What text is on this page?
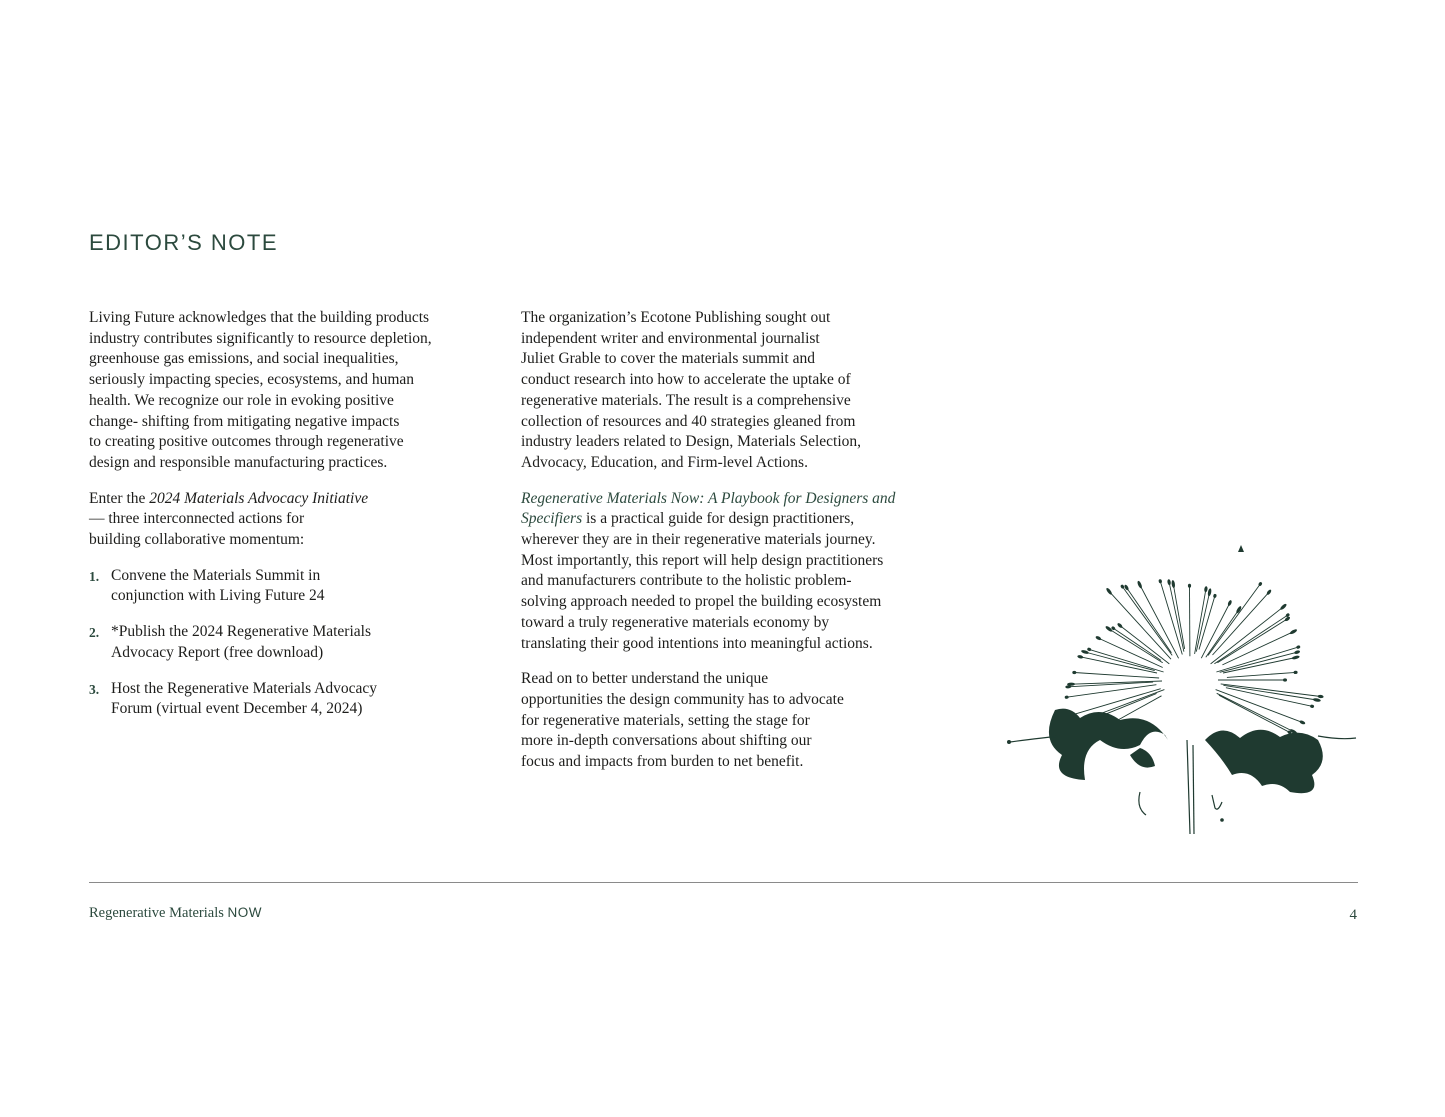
EDITOR’S NOTE

Living Future acknowledges that the building products
industry contributes significantly to resource depletion,
greenhouse gas emissions, and social inequalities,
seriously impacting species, ecosystems, and human
health. We recognize our role in evoking positive
change- shifting from mitigating negative impacts
to creating positive outcomes through regenerative
design and responsible manufacturing practices.

Enter the 2024 Materials Advocacy Initiative
— three interconnected actions for
building collaborative momentum:

1. Convene the Materials Summit in
conjunction with Living Future 24
2. *Publish the 2024 Regenerative Materials
Advocacy Report (free download)
3. Host the Regenerative Materials Advocacy
Forum (virtual event December 4, 2024)

The organization’s Ecotone Publishing sought out
independent writer and environmental journalist
Juliet Grable to cover the materials summit and
conduct research into how to accelerate the uptake of
regenerative materials. The result is a comprehensive
collection of resources and 40 strategies gleaned from
industry leaders related to Design, Materials Selection,
Advocacy, Education, and Firm-level Actions.

Regenerative Materials Now: A Playbook for Designers and
Specifiers is a practical guide for design practitioners,
wherever they are in their regenerative materials journey.
Most importantly, this report will help design practitioners
and manufacturers contribute to the holistic problem-
solving approach needed to propel the building ecosystem
toward a truly regenerative materials economy by
translating their good intentions into meaningful actions.

Read on to better understand the unique
opportunities the design community has to advocate
for regenerative materials, setting the stage for
more in-depth conversations about shifting our
focus and impacts from burden to net benefit.

Regenerative Materials NOW	4
